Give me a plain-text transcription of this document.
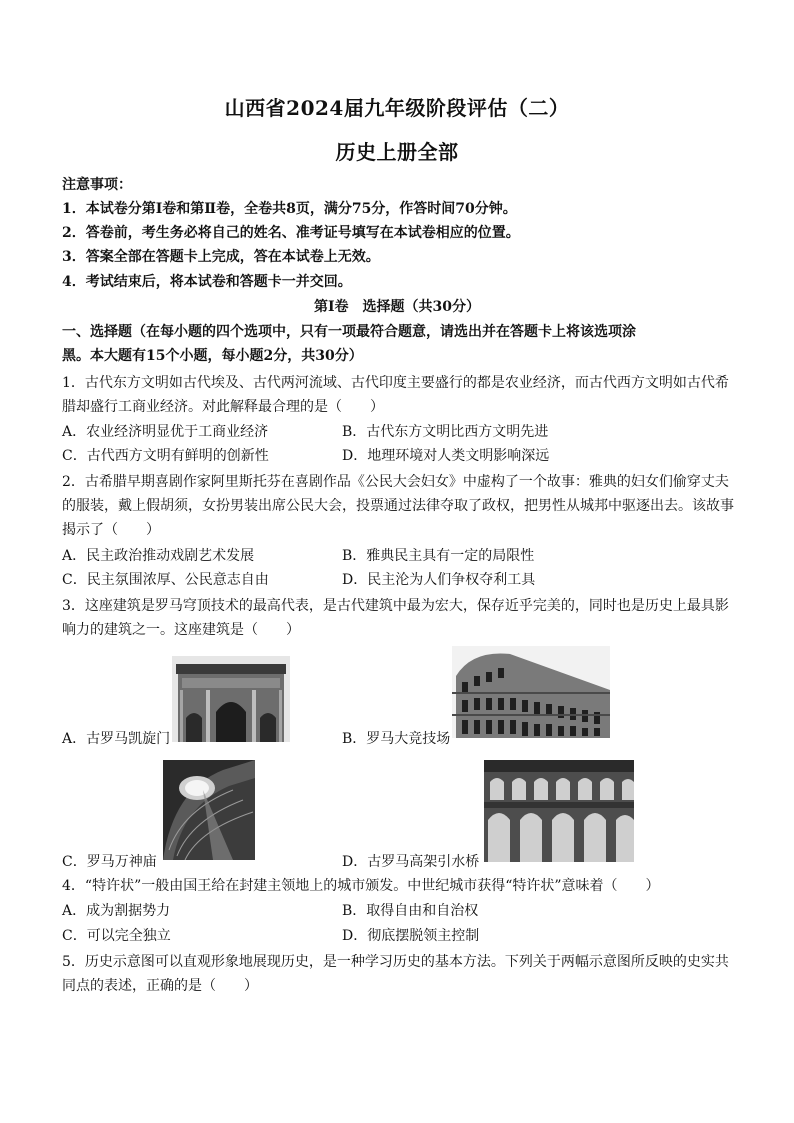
山西省2024届九年级阶段评估（二）
历史上册全部
注意事项：
1．本试卷分第Ⅰ卷和第Ⅱ卷，全卷共8页，满分75分，作答时间70分钟。
2．答卷前，考生务必将自己的姓名、准考证号填写在本试卷相应的位置。
3．答案全部在答题卡上完成，答在本试卷上无效。
4．考试结束后，将本试卷和答题卡一并交回。
第Ⅰ卷　选择题（共30分）
一、选择题（在每小题的四个选项中，只有一项最符合题意，请选出并在答题卡上将该选项涂
黑。本大题有15个小题，每小题2分，共30分）
1．古代东方文明如古代埃及、古代两河流域、古代印度主要盛行的都是农业经济，而古代西方文明如古代希
腊却盛行工商业经济。对此解释最合理的是（　　）
A．农业经济明显优于工商业经济	B．古代东方文明比西方文明先进
C．古代西方文明有鲜明的创新性	D．地理环境对人类文明影响深远
2．古希腊早期喜剧作家阿里斯托芬在喜剧作品《公民大会妇女》中虚构了一个故事：雅典的妇女们偷穿丈夫
的服装，戴上假胡须，女扮男装出席公民大会，投票通过法律夺取了政权，把男性从城邦中驱逐出去。该故事
揭示了（　　）
A．民主政治推动戏剧艺术发展	B．雅典民主具有一定的局限性
C．民主氛围浓厚、公民意志自由	D．民主沦为人们争权夺利工具
3．这座建筑是罗马穹顶技术的最高代表，是古代建筑中最为宏大，保存近乎完美的，同时也是历史上最具影
响力的建筑之一。这座建筑是（　　）
A．古罗马凯旋门	B．罗马大竞技场
C．罗马万神庙	D．古罗马高架引水桥
4．“特许状”一般由国王给在封建主领地上的城市颁发。中世纪城市获得“特许状”意味着（　　）
A．成为割据势力	B．取得自由和自治权
C．可以完全独立	D．彻底摆脱领主控制
5．历史示意图可以直观形象地展现历史，是一种学习历史的基本方法。下列关于两幅示意图所反映的史实共
同点的表述，正确的是（　　）
